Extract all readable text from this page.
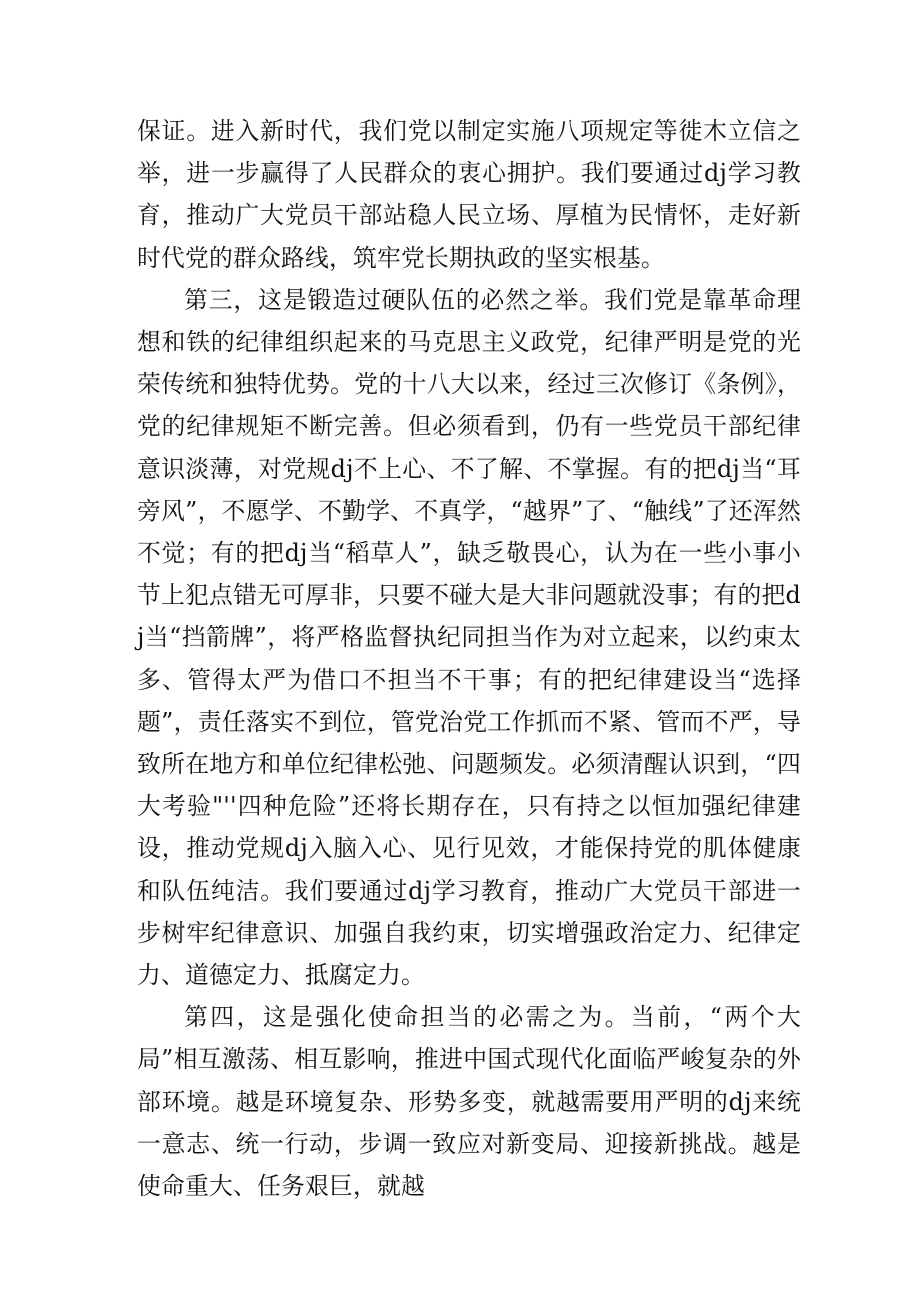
保证。进入新时代，我们党以制定实施八项规定等徙木立信之举，进一步赢得了人民群众的衷心拥护。我们要通过dj学习教育，推动广大党员干部站稳人民立场、厚植为民情怀，走好新时代党的群众路线，筑牢党长期执政的坚实根基。

第三，这是锻造过硬队伍的必然之举。我们党是靠革命理想和铁的纪律组织起来的马克思主义政党，纪律严明是党的光荣传统和独特优势。党的十八大以来，经过三次修订《条例》，党的纪律规矩不断完善。但必须看到，仍有一些党员干部纪律意识淡薄，对党规dj不上心、不了解、不掌握。有的把dj当“耳旁风”，不愿学、不勤学、不真学，“越界”了、“触线”了还浑然不觉；有的把dj当“稻草人”，缺乏敬畏心，认为在一些小事小节上犯点错无可厚非，只要不碰大是大非问题就没事；有的把dj当“挡箭牌”，将严格监督执纪同担当作为对立起来，以约束太多、管得太严为借口不担当不干事；有的把纪律建设当“选择题”，责任落实不到位，管党治党工作抓而不紧、管而不严，导致所在地方和单位纪律松弛、问题频发。必须清醒认识到，“四大考验"''四种危险”还将长期存在，只有持之以恒加强纪律建设，推动党规dj入脑入心、见行见效，才能保持党的肌体健康和队伍纯洁。我们要通过dj学习教育，推动广大党员干部进一步树牢纪律意识、加强自我约束，切实增强政治定力、纪律定力、道德定力、抵腐定力。

第四，这是强化使命担当的必需之为。当前，“两个大局”相互激荡、相互影响，推进中国式现代化面临严峻复杂的外部环境。越是环境复杂、形势多变，就越需要用严明的dj来统一意志、统一行动，步调一致应对新变局、迎接新挑战。越是使命重大、任务艰巨，就越
